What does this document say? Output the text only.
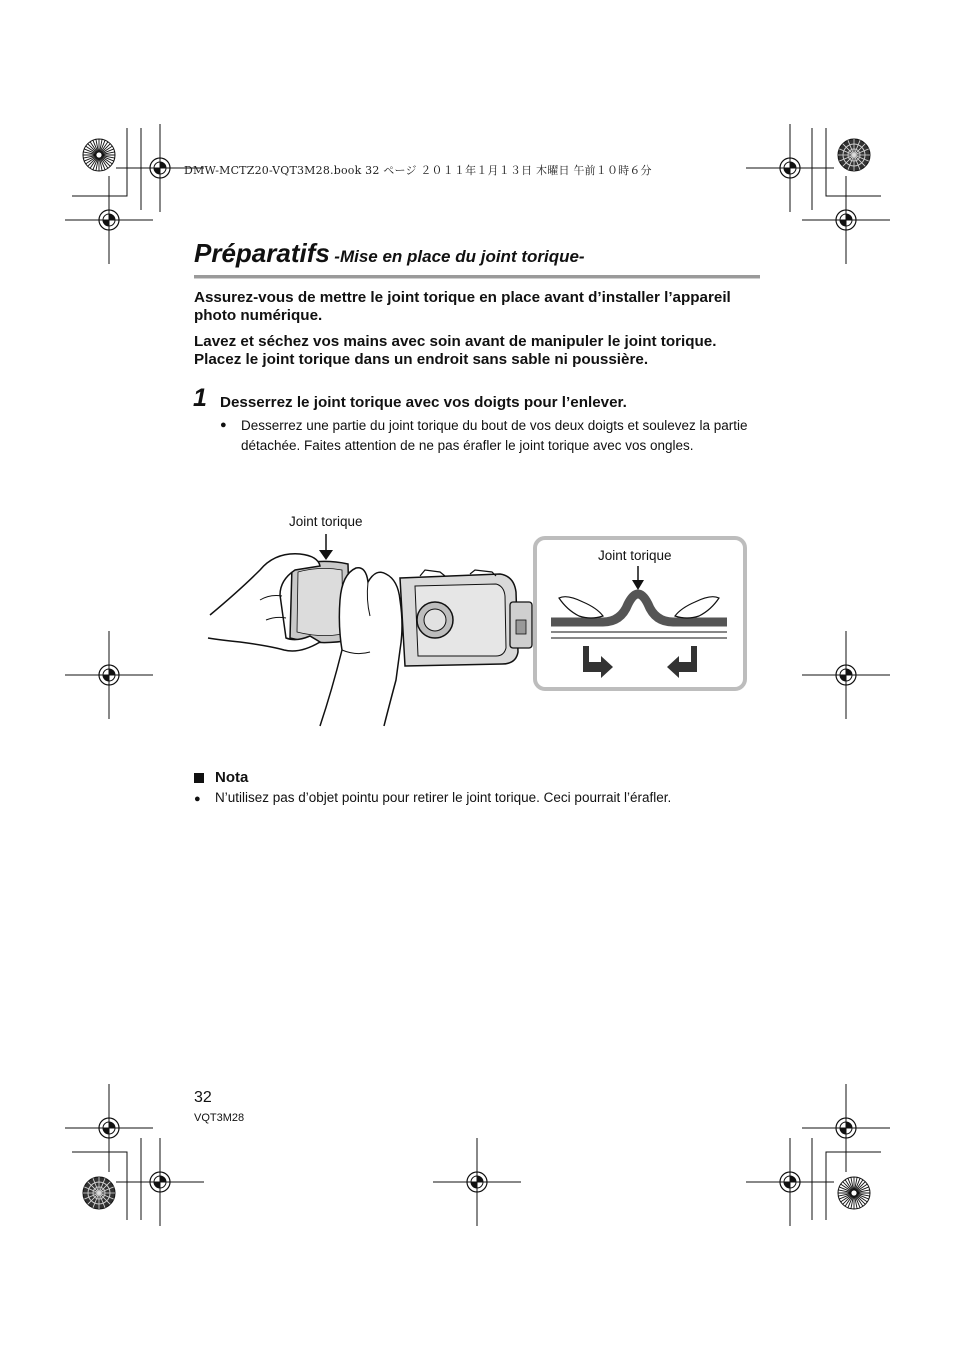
DMW-MCTZ20-VQT3M28.book 32 ページ ２０１１年１月１３日 木曜日 午前１０時６分
Préparatifs -Mise en place du joint torique-
Assurez-vous de mettre le joint torique en place avant d’installer l’appareil photo numérique.
Lavez et séchez vos mains avec soin avant de manipuler le joint torique. Placez le joint torique dans un endroit sans sable ni poussière.
1 Desserrez le joint torique avec vos doigts pour l’enlever.
● Desserrez une partie du joint torique du bout de vos deux doigts et soulevez la partie détachée. Faites attention de ne pas érafler le joint torique avec vos ongles.
Joint torique
Joint torique
Nota
● N’utilisez pas d’objet pointu pour retirer le joint torique. Ceci pourrait l’érafler.
32
VQT3M28
